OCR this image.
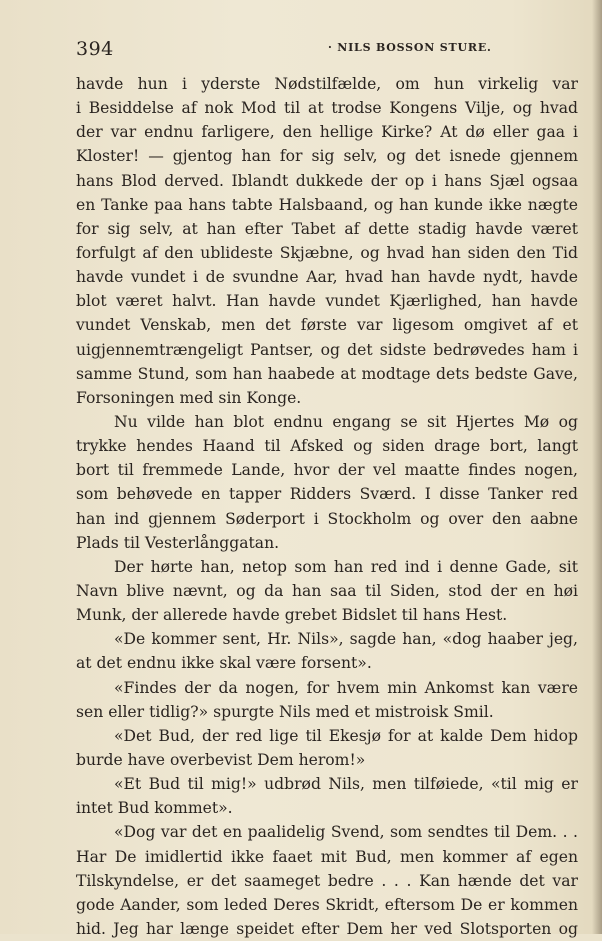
394	· NILS BOSSON STURE.
havde hun i yderste Nødstilfælde, om hun virkelig var
i Besiddelse af nok Mod til at trodse Kongens Vilje, og hvad
der var endnu farligere, den hellige Kirke? At dø eller gaa i
Kloster! — gjentog han for sig selv, og det isnede gjennem
hans Blod derved. Iblandt dukkede der op i hans Sjæl ogsaa
en Tanke paa hans tabte Halsbaand, og han kunde ikke nægte
for sig selv, at han efter Tabet af dette stadig havde været
forfulgt af den ublideste Skjæbne, og hvad han siden den Tid
havde vundet i de svundne Aar, hvad han havde nydt, havde
blot været halvt. Han havde vundet Kjærlighed, han havde
vundet Venskab, men det første var ligesom omgivet af et
uigjennemtrængeligt Pantser, og det sidste bedrøvedes ham i
samme Stund, som han haabede at modtage dets bedste Gave,
Forsoningen med sin Konge.
Nu vilde han blot endnu engang se sit Hjertes Mø og
trykke hendes Haand til Afsked og siden drage bort, langt
bort til fremmede Lande, hvor der vel maatte findes nogen,
som behøvede en tapper Ridders Sværd. I disse Tanker red
han ind gjennem Søderport i Stockholm og over den aabne
Plads til Vesterlånggatan.
Der hørte han, netop som han red ind i denne Gade, sit
Navn blive nævnt, og da han saa til Siden, stod der en høi
Munk, der allerede havde grebet Bidslet til hans Hest.
«De kommer sent, Hr. Nils», sagde han, «dog haaber jeg,
at det endnu ikke skal være forsent».
«Findes der da nogen, for hvem min Ankomst kan være
sen eller tidlig?» spurgte Nils med et mistroisk Smil.
«Det Bud, der red lige til Ekesjø for at kalde Dem hidop
burde have overbevist Dem herom!»
«Et Bud til mig!» udbrød Nils, men tilføiede, «til mig er
intet Bud kommet».
«Dog var det en paalidelig Svend, som sendtes til Dem. . .
Har De imidlertid ikke faaet mit Bud, men kommer af egen
Tilskyndelse, er det saameget bedre . . . Kan hænde det var
gode Aander, som leded Deres Skridt, eftersom De er kommen
hid. Jeg har længe speidet efter Dem her ved Slotsporten og
